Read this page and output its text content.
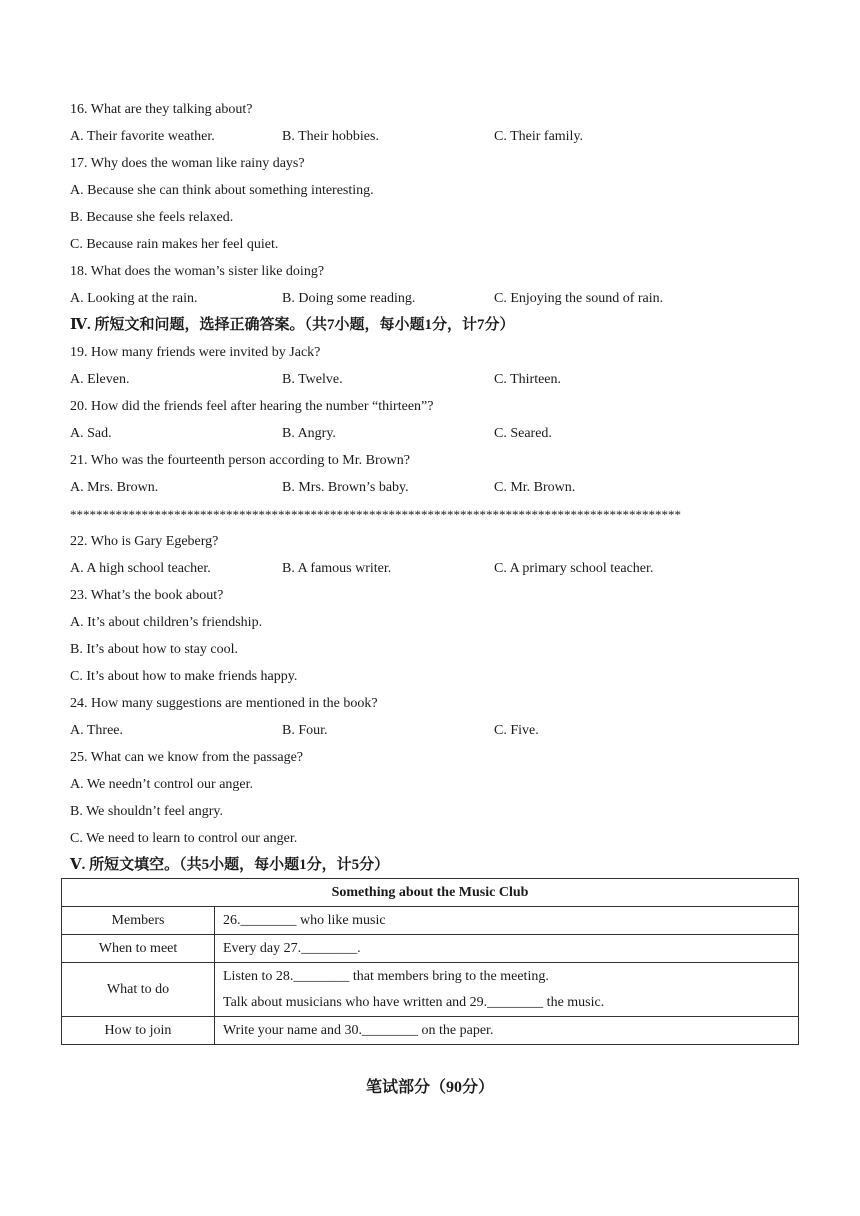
16. What are they talking about?
A. Their favorite weather.	B. Their hobbies.	C. Their family.
17. Why does the woman like rainy days?
A. Because she can think about something interesting.
B. Because she feels relaxed.
C. Because rain makes her feel quiet.
18. What does the woman’s sister like doing?
A. Looking at the rain.	B. Doing some reading.	C. Enjoying the sound of rain.
Ⅳ. 所短文和问题，选择正确答案。（共7小题，每小题1分，计7分）
19. How many friends were invited by Jack?
A. Eleven.	B. Twelve.	C. Thirteen.
20. How did the friends feel after hearing the number “thirteen”?
A. Sad.	B. Angry.	C. Seared.
21. Who was the fourteenth person according to Mr. Brown?
A. Mrs. Brown.	B. Mrs. Brown’s baby.	C. Mr. Brown.
**********************************************************************************************
22. Who is Gary Egeberg?
A. A high school teacher.	B. A famous writer.	C. A primary school teacher.
23. What’s the book about?
A. It’s about children’s friendship.
B. It’s about how to stay cool.
C. It’s about how to make friends happy.
24. How many suggestions are mentioned in the book?
A. Three.	B. Four.	C. Five.
25. What can we know from the passage?
A. We needn’t control our anger.
B. We shouldn’t feel angry.
C. We need to learn to control our anger.
Ⅴ. 所短文填空。（共5小题，每小题1分，计5分）
Something about the Music Club	
Members	26.________ who like music
When to meet	Every day 27.________.
What to do	Listen to 28.________ that members bring to the meeting.
Talk about musicians who have written and 29.________ the music.

How to join	Write your name and 30.________ on the paper.
笔试部分（90分）
